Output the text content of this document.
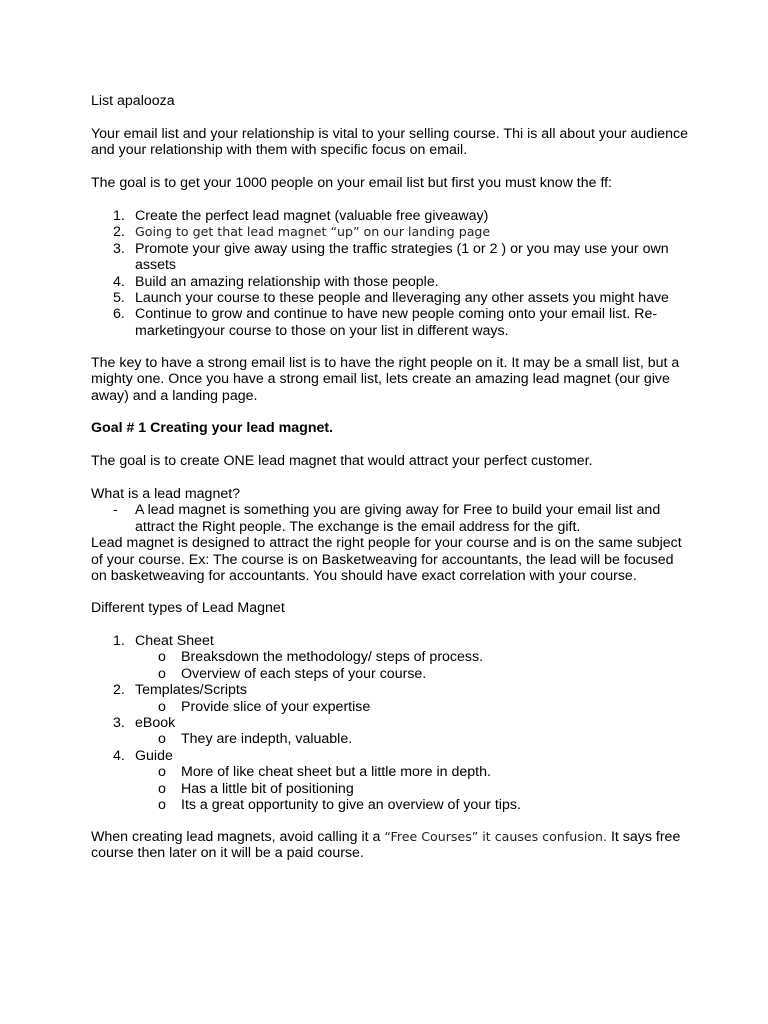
List apalooza

Your email list and your relationship is vital to your selling course. Thi is all about your audience and your relationship with them with specific focus on email.

The goal is to get your 1000 people on your email list but first you must know the ff:

1. Create the perfect lead magnet (valuable free giveaway)
2. Going to get that lead magnet “up” on our landing page
3. Promote your give away using the traffic strategies (1 or 2 ) or you may use your own assets
4. Build an amazing relationship with those people.
5. Launch your course to these people and lleveraging any other assets you might have
6. Continue to grow and continue to have new people coming onto your email list. Re-marketingyour course to those on your list in different ways.

The key to have a strong email list is to have the right people on it. It may be a small list, but a mighty one. Once you have a strong email list, lets create an amazing lead magnet (our give away) and a landing page.

Goal # 1 Creating your lead magnet.

The goal is to create ONE lead magnet that would attract your perfect customer.

What is a lead magnet?
-	A lead magnet is something you are giving away for Free to build your email list and attract the Right people. The exchange is the email address for the gift.
Lead magnet is designed to attract the right people for your course and is on the same subject of your course. Ex: The course is on Basketweaving for accountants, the lead will be focused on basketweaving for accountants. You should have exact correlation with your course.

Different types of Lead Magnet

1. Cheat Sheet
o	Breaksdown the methodology/ steps of process.
o	Overview of each steps of your course.
2. Templates/Scripts
o	Provide slice of your expertise
3. eBook
o	They are indepth, valuable.
4. Guide
o	More of like cheat sheet but a little more in depth.
o	Has a little bit of positioning
o	Its a great opportunity to give an overview of your tips.

When creating lead magnets, avoid calling it a “Free Courses” it causes confusion. It says free course then later on it will be a paid course.
